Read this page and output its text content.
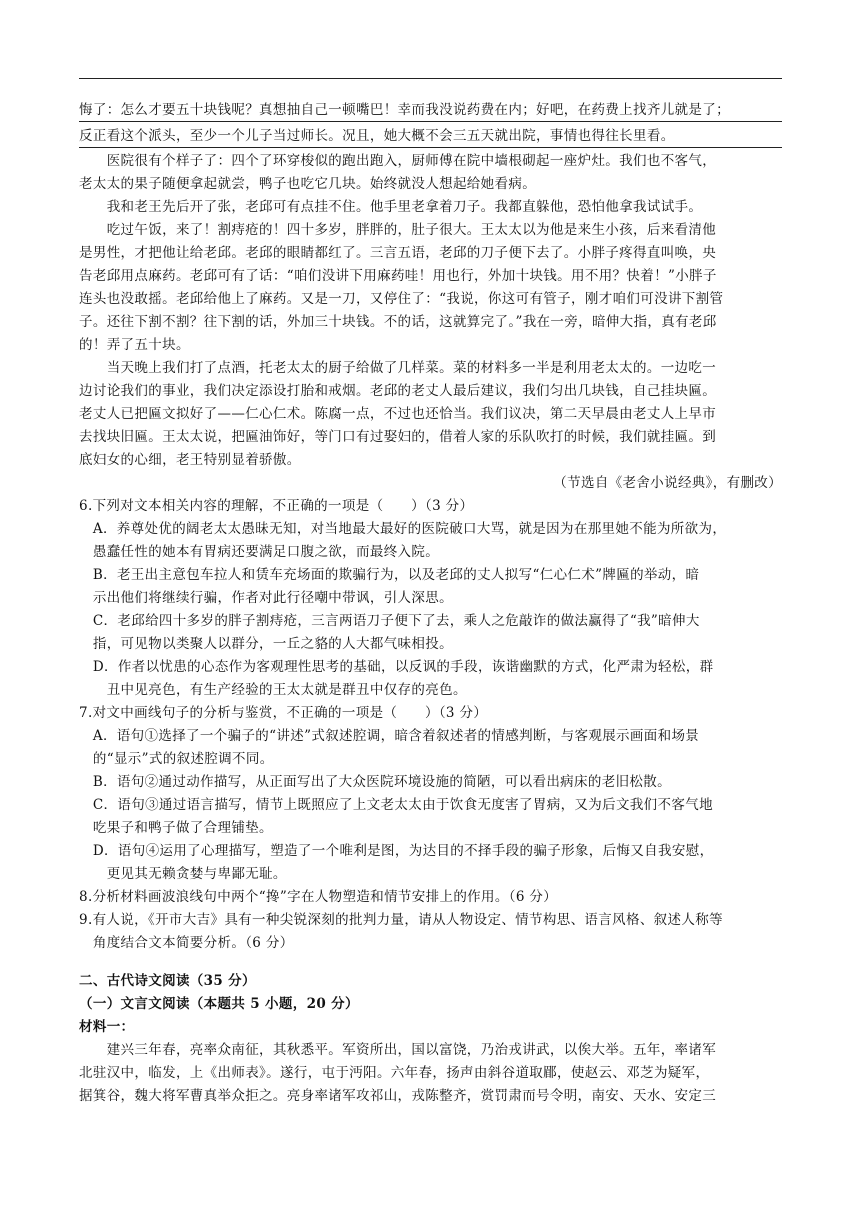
悔了：怎么才要五十块钱呢？真想抽自己一顿嘴巴！幸而我没说药费在内；好吧，在药费上找齐儿就是了；
反正看这个派头，至少一个儿子当过师长。况且，她大概不会三五天就出院，事情也得往长里看。
　　医院很有个样子了：四个了环穿梭似的跑出跑入，厨师傅在院中墙根砌起一座炉灶。我们也不客气，
老太太的果子随便拿起就尝，鸭子也吃它几块。始终就没人想起给她看病。
　　我和老王先后开了张，老邱可有点挂不住。他手里老拿着刀子。我都直躲他，恐怕他拿我试试手。
　　吃过午饭，来了！割痔疮的！四十多岁，胖胖的，肚子很大。王太太以为他是来生小孩，后来看清他
是男性，才把他让给老邱。老邱的眼睛都红了。三言五语，老邱的刀子便下去了。小胖子疼得直叫唤，央
告老邱用点麻药。老邱可有了话：“咱们没讲下用麻药哇！用也行，外加十块钱。用不用？快着！”小胖子
连头也没敢摇。老邱给他上了麻药。又是一刀，又停住了：“我说，你这可有管子，刚才咱们可没讲下割管
子。还往下割不割？往下割的话，外加三十块钱。不的话，这就算完了。”我在一旁，暗伸大指，真有老邱
的！弄了五十块。
　　当天晚上我们打了点酒，托老太太的厨子给做了几样菜。菜的材料多一半是利用老太太的。一边吃一
边讨论我们的事业，我们决定添设打胎和戒烟。老邱的老丈人最后建议，我们匀出几块钱，自己挂块匾。
老丈人已把匾文拟好了——仁心仁术。陈腐一点，不过也还恰当。我们议决，第二天早晨由老丈人上早市
去找块旧匾。王太太说，把匾油饰好，等门口有过娶妇的，借着人家的乐队吹打的时候，我们就挂匾。到
底妇女的心细，老王特别显着骄傲。
（节选自《老舍小说经典》，有删改）
6.下列对文本相关内容的理解，不正确的一项是（　　）（3 分）
　A．养尊处优的阔老太太愚昧无知，对当地最大最好的医院破口大骂，就是因为在那里她不能为所欲为，
　愚蠢任性的她本有胃病还要满足口腹之欲，而最终入院。
　B．老王出主意包车拉人和赁车充场面的欺骗行为，以及老邱的丈人拟写“仁心仁术”牌匾的举动，暗
　示出他们将继续行骗，作者对此行径嘲中带讽，引人深思。
　C．老邱给四十多岁的胖子割痔疮，三言两语刀子便下了去，乘人之危敲诈的做法赢得了“我”暗伸大
　指，可见物以类聚人以群分，一丘之貉的人大都气味相投。
　D．作者以忧患的心态作为客观理性思考的基础，以反讽的手段，诙谐幽默的方式，化严肃为轻松，群
　　丑中见亮色，有生产经验的王太太就是群丑中仅存的亮色。
7.对文中画线句子的分析与鉴赏，不正确的一项是（　　）（3 分）
　A．语句①选择了一个骗子的“讲述”式叙述腔调，暗含着叙述者的情感判断，与客观展示画面和场景
　的“显示”式的叙述腔调不同。
　B．语句②通过动作描写，从正面写出了大众医院环境设施的简陋，可以看出病床的老旧松散。
　C．语句③通过语言描写，情节上既照应了上文老太太由于饮食无度害了胃病，又为后文我们不客气地
　吃果子和鸭子做了合理铺垫。
　D．语句④运用了心理描写，塑造了一个唯利是图，为达目的不择手段的骗子形象，后悔又自我安慰，
　　更见其无赖贪婪与卑鄙无耻。
8.分析材料画波浪线句中两个“搀”字在人物塑造和情节安排上的作用。（6 分）
9.有人说，《开市大吉》具有一种尖锐深刻的批判力量，请从人物设定、情节构思、语言风格、叙述人称等
　角度结合文本简要分析。（6 分）
二、古代诗文阅读（35 分）
（一）文言文阅读（本题共 5 小题，20 分）
材料一：
　　建兴三年春，亮率众南征，其秋悉平。军资所出，国以富饶，乃治戎讲武，以俟大举。五年，率诸军
北驻汉中，临发，上《出师表》。遂行，屯于沔阳。六年春，扬声由斜谷道取郿，使赵云、邓芝为疑军，
据箕谷，魏大将军曹真举众拒之。亮身率诸军攻祁山，戎陈整齐，赏罚肃而号令明，南安、天水、安定三
